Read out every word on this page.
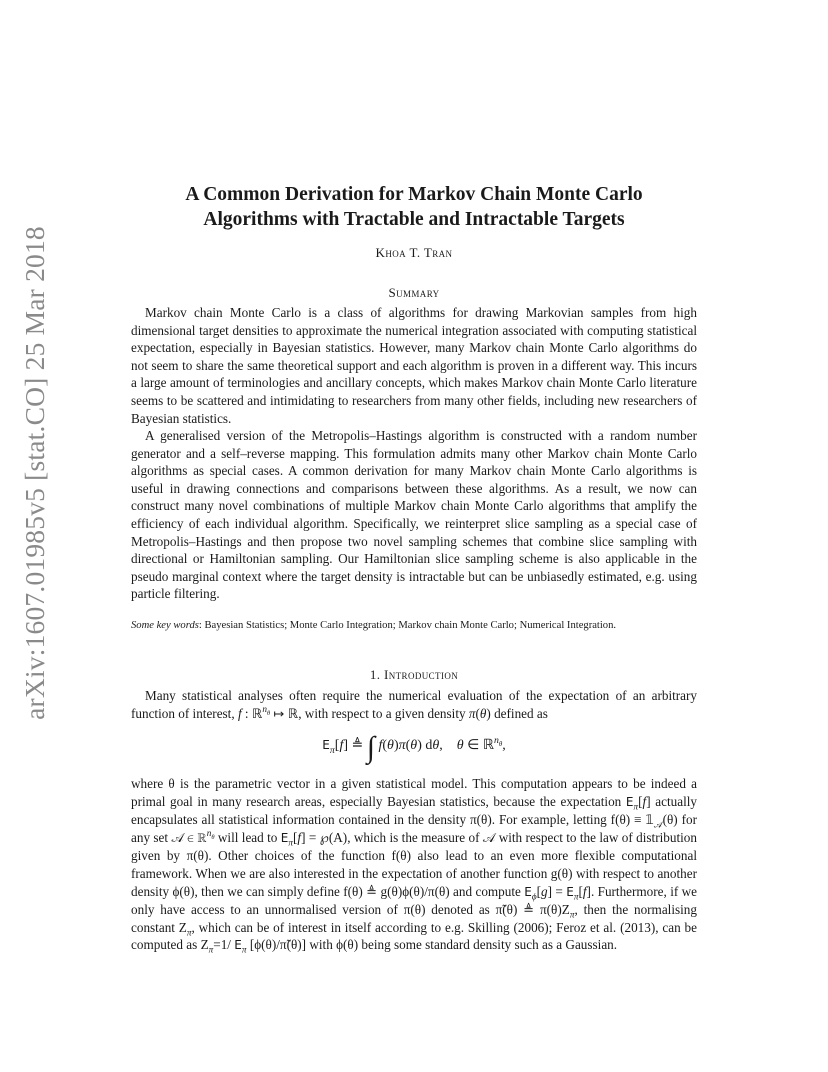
arXiv:1607.01985v5 [stat.CO] 25 Mar 2018
A Common Derivation for Markov Chain Monte Carlo
Algorithms with Tractable and Intractable Targets
Khoa T. Tran
Summary

Markov chain Monte Carlo is a class of algorithms for drawing Markovian samples from high dimensional target densities to approximate the numerical integration associated with computing statistical expectation, especially in Bayesian statistics. However, many Markov chain Monte Carlo algorithms do not seem to share the same theoretical support and each algorithm is proven in a different way. This incurs a large amount of terminologies and ancillary concepts, which makes Markov chain Monte Carlo literature seems to be scattered and intimidating to researchers from many other fields, including new researchers of Bayesian statistics.

A generalised version of the Metropolis–Hastings algorithm is constructed with a random number generator and a self–reverse mapping. This formulation admits many other Markov chain Monte Carlo algorithms as special cases. A common derivation for many Markov chain Monte Carlo algorithms is useful in drawing connections and comparisons between these algorithms. As a result, we now can construct many novel combinations of multiple Markov chain Monte Carlo algorithms that amplify the efficiency of each individual algorithm. Specifically, we reinterpret slice sampling as a special case of Metropolis–Hastings and then propose two novel sampling schemes that combine slice sampling with directional or Hamiltonian sampling. Our Hamiltonian slice sampling scheme is also applicable in the pseudo marginal context where the target density is intractable but can be unbiasedly estimated, e.g. using particle filtering.

Some key words: Bayesian Statistics; Monte Carlo Integration; Markov chain Monte Carlo; Numerical Integration.
1. Introduction

Many statistical analyses often require the numerical evaluation of the expectation of an arbitrary function of interest, f : ℝ$^{n_\theta}$ ↦ ℝ, with respect to a given density π(θ) defined as

$E_\pi[f]$ ≜ ∫ f(θ)π(θ) dθ,    θ ∈ ℝ$^{n_\theta}$,

where θ is the parametric vector in a given statistical model. This computation appears to be indeed a primal goal in many research areas, especially Bayesian statistics, because the expectation $E_\pi[f]$ actually encapsulates all statistical information contained in the density π(θ). For example, letting $f(\theta) \equiv 𝟙_𝒜(\theta)$ for any set 𝒜 ∈ ℝ$^{n_\theta}$ will lead to $E_\pi[f]$ = ℘(A), which is the measure of 𝒜 with respect to the law of distribution given by π(θ). Other choices of the function f(θ) also lead to an even more flexible computational framework. When we are also interested in the expectation of another function g(θ) with respect to another density ϕ(θ), then we can simply define f(θ) ≜ g(θ)ϕ(θ)/π(θ) and compute $E_\phi[g] = E_\pi[f]$. Furthermore, if we only have access to an unnormalised version of π(θ) denoted as π̃(θ) ≜ $\pi(\theta)Z_\pi$, then the normalising constant $Z_\pi$, which can be of interest in itself according to e.g. Skilling (2006); Feroz et al. (2013), can be computed as $Z_\pi=1/$ $E_\pi$ [ϕ(θ)/π̃(θ)] with ϕ(θ) being some standard density such as a Gaussian.
